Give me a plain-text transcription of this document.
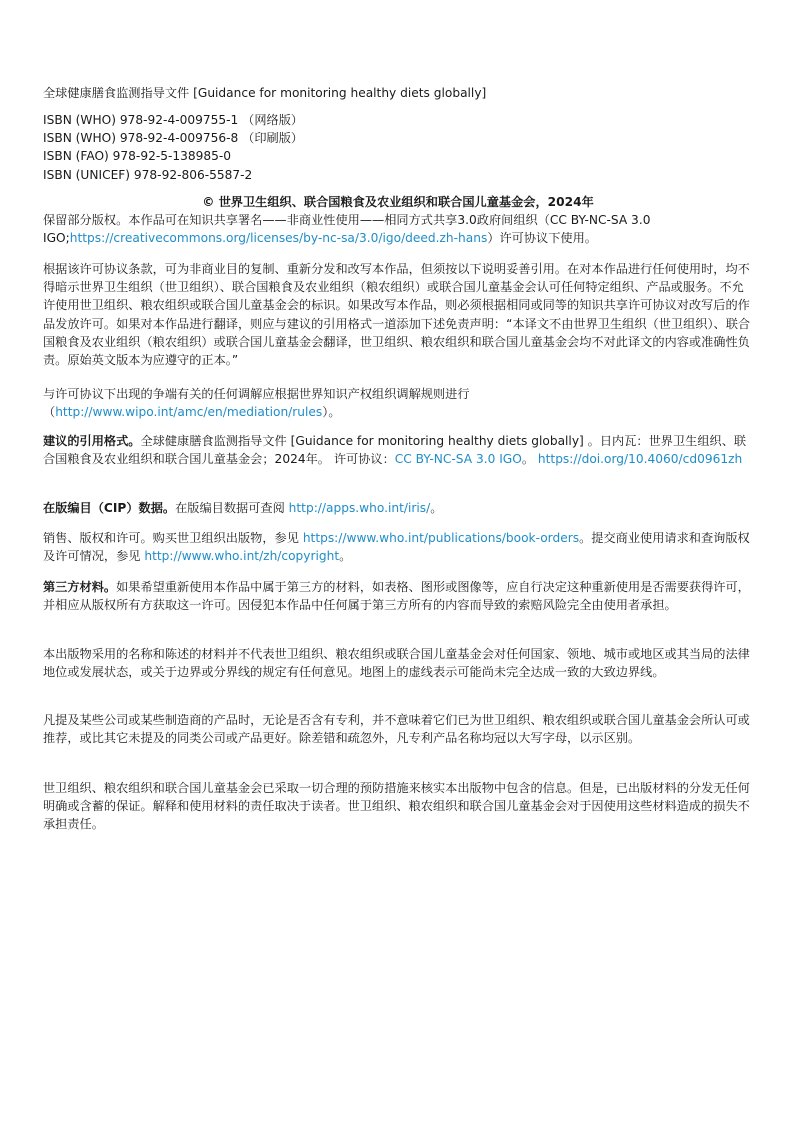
全球健康膳食监测指导文件 [Guidance for monitoring healthy diets globally]

ISBN (WHO) 978-92-4-009755-1 （网络版）
ISBN (WHO) 978-92-4-009756-8 （印刷版）
ISBN (FAO) 978-92-5-138985-0
ISBN (UNICEF) 978-92-806-5587-2

© 世界卫生组织、联合国粮食及农业组织和联合国儿童基金会，2024年

保留部分版权。本作品可在知识共享署名——非商业性使用——相同方式共享3.0政府间组织（CC BY-NC-SA 3.0 IGO;https://creativecommons.org/licenses/by-nc-sa/3.0/igo/deed.zh-hans）许可协议下使用。

根据该许可协议条款，可为非商业目的复制、重新分发和改写本作品，但须按以下说明妥善引用。在对本作品进行任何使用时，均不得暗示世界卫生组织（世卫组织）、联合国粮食及农业组织（粮农组织）或联合国儿童基金会认可任何特定组织、产品或服务。不允许使用世卫组织、粮农组织或联合国儿童基金会的标识。如果改写本作品，则必须根据相同或同等的知识共享许可协议对改写后的作品发放许可。如果对本作品进行翻译，则应与建议的引用格式一道添加下述免责声明：“本译文不由世界卫生组织（世卫组织）、联合国粮食及农业组织（粮农组织）或联合国儿童基金会翻译，世卫组织、粮农组织和联合国儿童基金会均不对此译文的内容或准确性负责。原始英文版本为应遵守的正本。”

与许可协议下出现的争端有关的任何调解应根据世界知识产权组织调解规则进行（http://www.wipo.int/amc/en/mediation/rules）。

建议的引用格式。全球健康膳食监测指导文件 [Guidance for monitoring healthy diets globally] 。日内瓦：世界卫生组织、联合国粮食及农业组织和联合国儿童基金会；2024年。 许可协议：CC BY-NC-SA 3.0 IGO。 https://doi.org/10.4060/cd0961zh

在版编目（CIP）数据。在版编目数据可查阅 http://apps.who.int/iris/。

销售、版权和许可。购买世卫组织出版物，参见 https://www.who.int/publications/book-orders。提交商业使用请求和查询版权及许可情况，参见 http://www.who.int/zh/copyright。

第三方材料。如果希望重新使用本作品中属于第三方的材料，如表格、图形或图像等，应自行决定这种重新使用是否需要获得许可，并相应从版权所有方获取这一许可。因侵犯本作品中任何属于第三方所有的内容而导致的索赔风险完全由使用者承担。

本出版物采用的名称和陈述的材料并不代表世卫组织、粮农组织或联合国儿童基金会对任何国家、领地、城市或地区或其当局的法律地位或发展状态，或关于边界或分界线的规定有任何意见。地图上的虚线表示可能尚未完全达成一致的大致边界线。

凡提及某些公司或某些制造商的产品时，无论是否含有专利，并不意味着它们已为世卫组织、粮农组织或联合国儿童基金会所认可或推荐，或比其它未提及的同类公司或产品更好。除差错和疏忽外，凡专利产品名称均冠以大写字母，以示区别。

世卫组织、粮农组织和联合国儿童基金会已采取一切合理的预防措施来核实本出版物中包含的信息。但是，已出版材料的分发无任何明确或含蓄的保证。解释和使用材料的责任取决于读者。世卫组织、粮农组织和联合国儿童基金会对于因使用这些材料造成的损失不承担责任。
